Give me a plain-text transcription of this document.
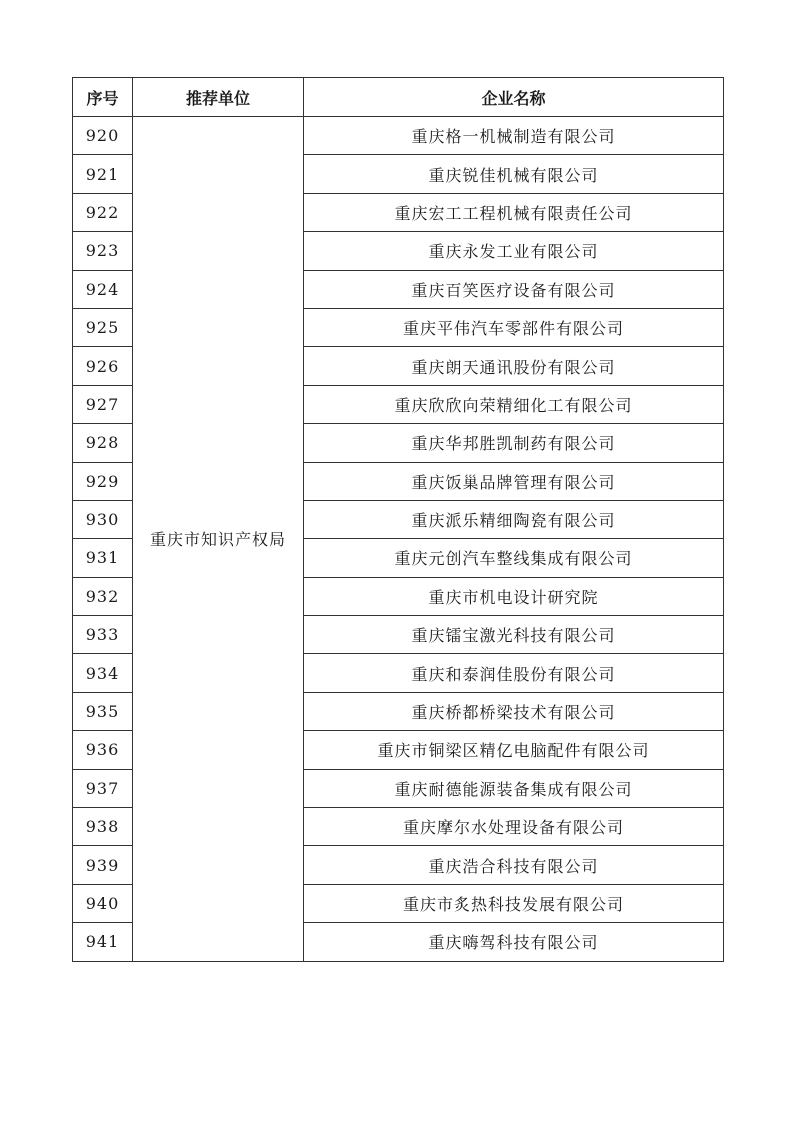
序号	推荐单位	企业名称
920	重庆市知识产权局	重庆格一机械制造有限公司
921		重庆锐佳机械有限公司
922		重庆宏工工程机械有限责任公司
923		重庆永发工业有限公司
924		重庆百笑医疗设备有限公司
925		重庆平伟汽车零部件有限公司
926		重庆朗天通讯股份有限公司
927		重庆欣欣向荣精细化工有限公司
928		重庆华邦胜凯制药有限公司
929		重庆饭巢品牌管理有限公司
930		重庆派乐精细陶瓷有限公司
931		重庆元创汽车整线集成有限公司
932		重庆市机电设计研究院
933		重庆镭宝激光科技有限公司
934		重庆和泰润佳股份有限公司
935		重庆桥都桥梁技术有限公司
936		重庆市铜梁区精亿电脑配件有限公司
937		重庆耐德能源装备集成有限公司
938		重庆摩尔水处理设备有限公司
939		重庆浩合科技有限公司
940		重庆市炙热科技发展有限公司
941		重庆嗨驾科技有限公司
